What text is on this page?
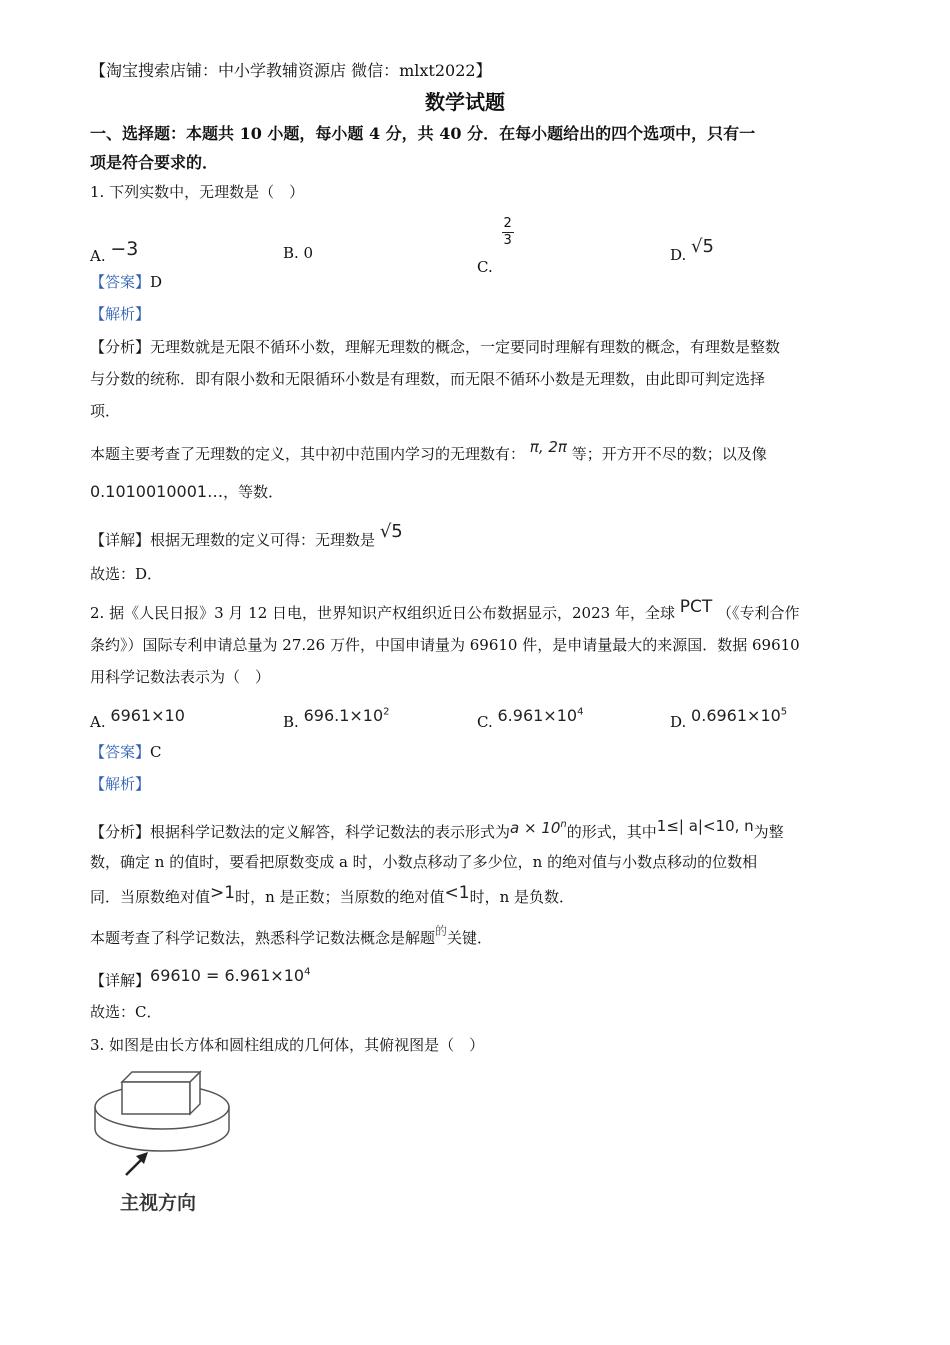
【淘宝搜索店铺：中小学教辅资源店 微信：mlxt2022】
数学试题
一、选择题：本题共 10 小题，每小题 4 分，共 40 分．在每小题给出的四个选项中，只有一
项是符合要求的．
1. 下列实数中，无理数是（　）
A. −3	B. 0
C.
$\frac{2}{3}$
D. √5
【答案】D
【解析】
【分析】无理数就是无限不循环小数，理解无理数的概念，一定要同时理解有理数的概念，有理数是整数
与分数的统称．即有限小数和无限循环小数是有理数，而无限不循环小数是无理数，由此即可判定选择
项．
本题主要考查了无理数的定义，其中初中范围内学习的无理数有： π, 2π 等；开方开不尽的数；以及像
0.1010010001…，等数．
【详解】根据无理数的定义可得：无理数是 √5
故选：D．
2. 据《人民日报》3 月 12 日电，世界知识产权组织近日公布数据显示，2023 年，全球 PCT （《专利合作
条约》）国际专利申请总量为 27.26 万件，中国申请量为 69610 件，是申请量最大的来源国．数据 69610
用科学记数法表示为（　）
A. 6961×10	B. $696.1\times 10^2$
C. $6.961\times 10^4$
D. $0.6961\times 10^5$
【答案】C
【解析】
【分析】根据科学记数法的定义解答，科学记数法的表示形式为$a \times 10^n$的形式，其中1≤| a|<10, n为整
数，确定 n 的值时，要看把原数变成 a 时，小数点移动了多少位，n 的绝对值与小数点移动的位数相
同．当原数绝对值>1时，n 是正数；当原数的绝对值<1时，n 是负数．
本题考查了科学记数法，熟悉科学记数法概念是解题$^的$关键．
【详解】$69610 = 6.961\times 10^4$
故选：C．
3. 如图是由长方体和圆柱组成的几何体，其俯视图是（　）
主视方向
